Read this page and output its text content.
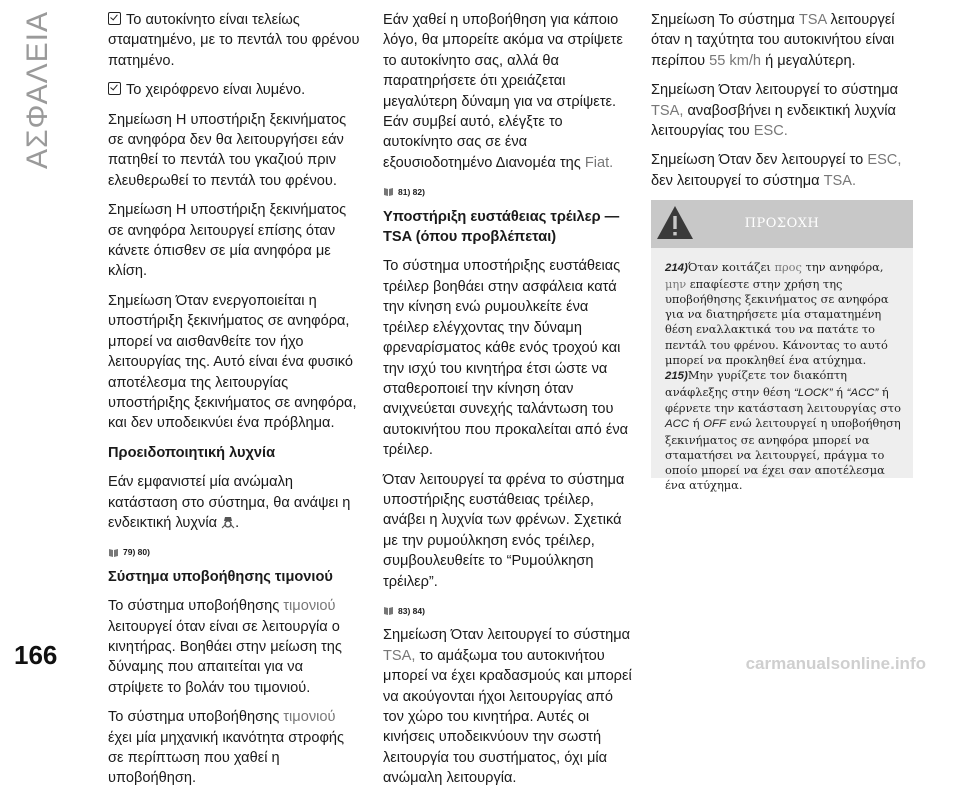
ΑΣΦΑΛΕΙΑ	Το αυτοκίνητο είναι τελείως σταματημένο, με το πεντάλ του φρένου πατημένο.

Το χειρόφρενο είναι λυμένο.

Σημείωση Η υποστήριξη ξεκινήματος σε ανηφόρα δεν θα λειτουργήσει εάν πατηθεί το πεντάλ του γκαζιού πριν ελευθερωθεί το πεντάλ του φρένου.

Σημείωση Η υποστήριξη ξεκινήματος σε ανηφόρα λειτουργεί επίσης όταν κάνετε όπισθεν σε μία ανηφόρα με κλίση.

Σημείωση Όταν ενεργοποιείται η υποστήριξη ξεκινήματος σε ανηφόρα, μπορεί να αισθανθείτε τον ήχο λειτουργίας της. Αυτό είναι ένα φυσικό αποτέλεσμα της λειτουργίας υποστήριξης ξεκινήματος σε ανηφόρα, και δεν υποδεικνύει ένα πρόβλημα.

Προειδοποιητική λυχνία

Εάν εμφανιστεί μία ανώμαλη κατάσταση στο σύστημα, θα ανάψει η ενδεικτική λυχνία .

79) 80)

Σύστημα υποβοήθησης τιμονιού

Το σύστημα υποβοήθησης τιμονιού λειτουργεί όταν είναι σε λειτουργία ο κινητήρας. Βοηθάει στην μείωση της δύναμης που απαιτείται για να στρίψετε το βολάν του τιμονιού.

Το σύστημα υποβοήθησης τιμονιού έχει μία μηχανική ικανότητα στροφής σε περίπτωση που χαθεί η υποβοήθηση.

Εάν χαθεί η υποβοήθηση για κάποιο λόγο, θα μπορείτε ακόμα να στρίψετε το αυτοκίνητο σας, αλλά θα παρατηρήσετε ότι χρειάζεται μεγαλύτερη δύναμη για να στρίψετε. Εάν συμβεί αυτό, ελέγξτε το αυτοκίνητο σας σε ένα εξουσιοδοτημένο Διανομέα της Fiat.

81) 82)

Υποστήριξη ευστάθειας τρέιλερ — TSA (όπου προβλέπεται)

Το σύστημα υποστήριξης ευστάθειας τρέιλερ βοηθάει στην ασφάλεια κατά την κίνηση ενώ ρυμουλκείτε ένα τρέιλερ ελέγχοντας την δύναμη φρεναρίσματος κάθε ενός τροχού και την ισχύ του κινητήρα έτσι ώστε να σταθεροποιεί την κίνηση όταν ανιχνεύεται συνεχής ταλάντωση του αυτοκινήτου που προκαλείται από ένα τρέιλερ.

Όταν λειτουργεί τα φρένα το σύστημα υποστήριξης ευστάθειας τρέιλερ, ανάβει η λυχνία των φρένων. Σχετικά με την ρυμούλκηση ενός τρέιλερ, συμβουλευθείτε το “Ρυμούλκηση τρέιλερ”.

83) 84)

Σημείωση Όταν λειτουργεί το σύστημα TSA, το αμάξωμα του αυτοκινήτου μπορεί να έχει κραδασμούς και μπορεί να ακούγονται ήχοι λειτουργίας από τον χώρο του κινητήρα. Αυτές οι κινήσεις υποδεικνύουν την σωστή λειτουργία του συστήματος, όχι μία ανώμαλη λειτουργία.

Σημείωση Το σύστημα TSA λειτουργεί όταν η ταχύτητα του αυτοκινήτου είναι περίπου 55 km/h ή μεγαλύτερη.

Σημείωση Όταν λειτουργεί το σύστημα TSA, αναβοσβήνει η ενδεικτική λυχνία λειτουργίας του ESC.

Σημείωση Όταν δεν λειτουργεί το ESC, δεν λειτουργεί το σύστημα TSA.

ΠΡΟΣΟΧΗ

214)Όταν κοιτάζει προς την ανηφόρα, μην επαφίεστε στην χρήση της υποβοήθησης ξεκινήματος σε ανηφόρα για να διατηρήσετε μία σταματημένη θέση εναλλακτικά του να πατάτε το πεντάλ του φρένου. Κάνοντας το αυτό μπορεί να προκληθεί ένα ατύχημα.

215)Μην γυρίζετε τον διακόπτη ανάφλεξης στην θέση “LOCK” ή “ACC” ή φέρνετε την κατάσταση λειτουργίας στο ACC ή OFF ενώ λειτουργεί η υποβοήθηση ξεκινήματος σε ανηφόρα μπορεί να σταματήσει να λειτουργεί, πράγμα το οποίο μπορεί να έχει σαν αποτέλεσμα ένα ατύχημα.

166	carmanualsonline.info
